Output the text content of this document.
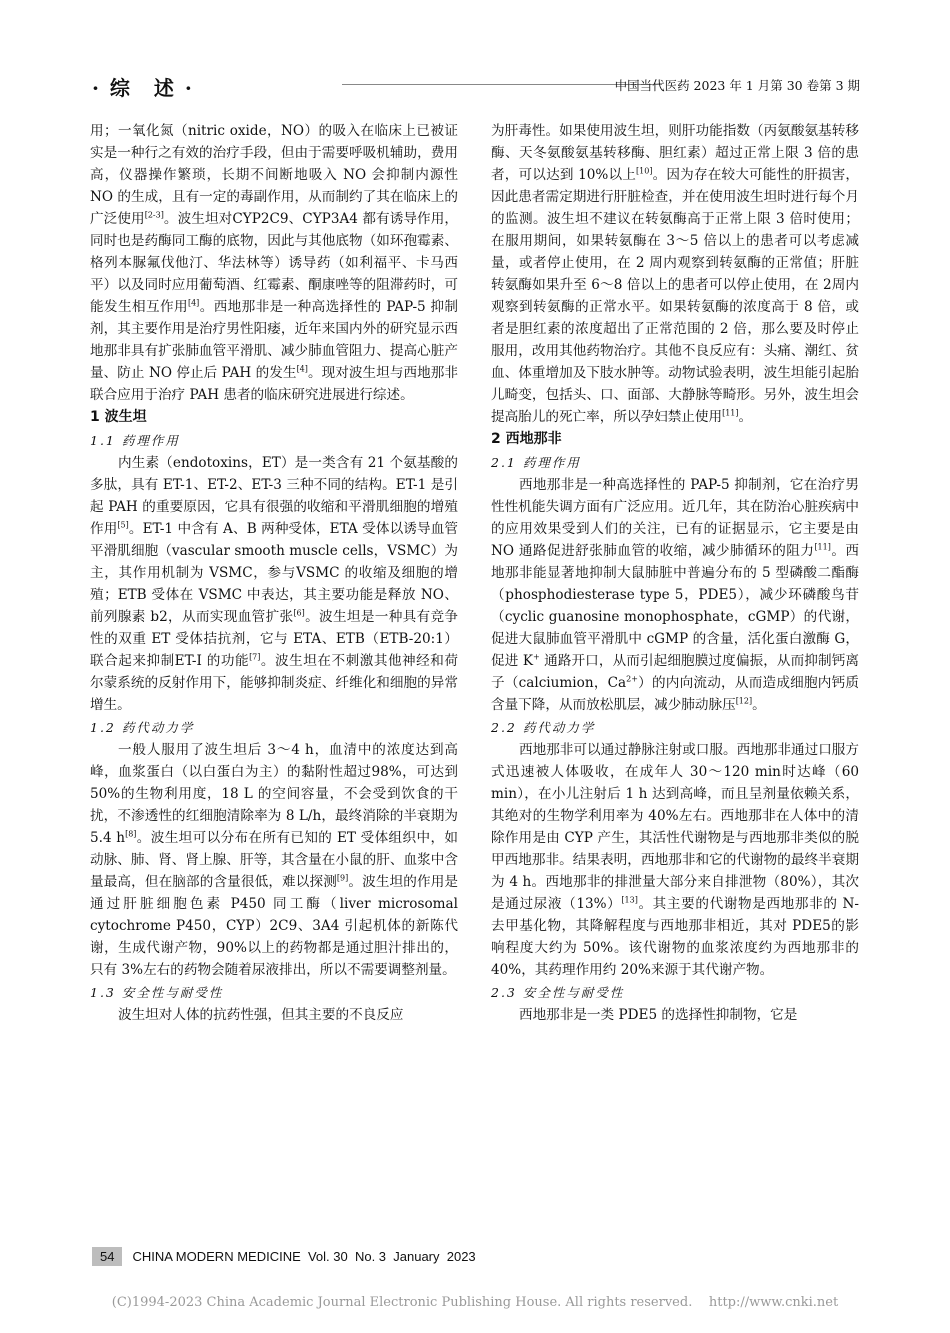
· 综　述 ·	中国当代医药 2023 年 1 月第 30 卷第 3 期

用；一氧化氮（nitric oxide，NO）的吸入在临床上已被证实是一种行之有效的治疗手段，但由于需要呼吸机辅助，费用高，仪器操作繁琐，长期不间断地吸入 NO 会抑制内源性 NO 的生成，且有一定的毒副作用，从而制约了其在临床上的广泛使用[2-3]。波生坦对CYP2C9、CYP3A4 都有诱导作用，同时也是药酶同工酶的底物，因此与其他底物（如环孢霉素、格列本脲氟伐他汀、华法林等）诱导药（如利福平、卡马西平）以及同时应用葡萄酒、红霉素、酮康唑等的阻滞药时，可能发生相互作用[4]。西地那非是一种高选择性的 PAP-5 抑制剂，其主要作用是治疗男性阳痿，近年来国内外的研究显示西地那非具有扩张肺血管平滑肌、减少肺血管阻力、提高心脏产量、防止 NO 停止后 PAH 的发生[4]。现对波生坦与西地那非联合应用于治疗 PAH 患者的临床研究进展进行综述。

1 波生坦
1.1 药理作用

内生素（endotoxins，ET）是一类含有 21 个氨基酸的多肽，具有 ET-1、ET-2、ET-3 三种不同的结构。ET-1 是引起 PAH 的重要原因，它具有很强的收缩和平滑肌细胞的增殖作用[5]。ET-1 中含有 A、B 两种受体，ETA 受体以诱导血管平滑肌细胞（vascular smooth muscle cells，VSMC）为主，其作用机制为 VSMC，参与VSMC 的收缩及细胞的增殖；ETB 受体在 VSMC 中表达，其主要功能是释放 NO、前列腺素 b2，从而实现血管扩张[6]。波生坦是一种具有竞争性的双重 ET 受体拮抗剂，它与 ETA、ETB（ETB-20:1）联合起来抑制ET-I 的功能[7]。波生坦在不刺激其他神经和荷尔蒙系统的反射作用下，能够抑制炎症、纤维化和细胞的异常增生。

1.2 药代动力学

一般人服用了波生坦后 3～4 h，血清中的浓度达到高峰，血浆蛋白（以白蛋白为主）的黏附性超过98%，可达到 50%的生物利用度，18 L 的空间容量，不会受到饮食的干扰，不渗透性的红细胞清除率为 8 L/h，最终消除的半衰期为 5.4 h[8]。波生坦可以分布在所有已知的 ET 受体组织中，如动脉、肺、肾、肾上腺、肝等，其含量在小鼠的肝、血浆中含量最高，但在脑部的含量很低，难以探测[9]。波生坦的作用是通过肝脏细胞色素 P450 同工酶（liver microsomal cytochrome P450，CYP）2C9、3A4 引起机体的新陈代谢，生成代谢产物，90%以上的药物都是通过胆汁排出的，只有 3%左右的药物会随着尿液排出，所以不需要调整剂量。

1.3 安全性与耐受性

波生坦对人体的抗药性强，但其主要的不良反应

为肝毒性。如果使用波生坦，则肝功能指数（丙氨酸氨基转移酶、天冬氨酸氨基转移酶、胆红素）超过正常上限 3 倍的患者，可以达到 10%以上[10]。因为存在较大可能性的肝损害，因此患者需定期进行肝脏检查，并在使用波生坦时进行每个月的监测。波生坦不建议在转氨酶高于正常上限 3 倍时使用；在服用期间，如果转氨酶在 3～5 倍以上的患者可以考虑减量，或者停止使用，在 2 周内观察到转氨酶的正常值；肝脏转氨酶如果升至 6～8 倍以上的患者可以停止使用，在 2周内观察到转氨酶的正常水平。如果转氨酶的浓度高于 8 倍，或者是胆红素的浓度超出了正常范围的 2 倍，那么要及时停止服用，改用其他药物治疗。其他不良反应有：头痛、潮红、贫血、体重增加及下肢水肿等。动物试验表明，波生坦能引起胎儿畸变，包括头、口、面部、大静脉等畸形。另外，波生坦会提高胎儿的死亡率，所以孕妇禁止使用[11]。

2 西地那非
2.1 药理作用

西地那非是一种高选择性的 PAP-5 抑制剂，它在治疗男性性机能失调方面有广泛应用。近几年，其在防治心脏疾病中的应用效果受到人们的关注，已有的证据显示，它主要是由 NO 通路促进舒张肺血管的收缩，减少肺循环的阻力[11]。西地那非能显著地抑制大鼠肺脏中普遍分布的 5 型磷酸二酯酶（phosphodiesterase type 5，PDE5），减少环磷酸鸟苷（cyclic guanosine monophosphate，cGMP）的代谢，促进大鼠肺血管平滑肌中 cGMP 的含量，活化蛋白激酶 G，促进 K+ 通路开口，从而引起细胞膜过度偏振，从而抑制钙离子（calciumion，$Ca^{2+}$）的内向流动，从而造成细胞内钙质含量下降，从而放松肌层，减少肺动脉压[12]。

2.2 药代动力学

西地那非可以通过静脉注射或口服。西地那非通过口服方式迅速被人体吸收，在成年人 30～120 min时达峰（60 min），在小儿注射后 1 h 达到高峰，而且呈剂量依赖关系，其绝对的生物学利用率为 40%左右。西地那非在人体中的清除作用是由 CYP 产生，其活性代谢物是与西地那非类似的脱甲西地那非。结果表明，西地那非和它的代谢物的最终半衰期为 4 h。西地那非的排泄量大部分来自排泄物（80%），其次是通过尿液（13%）[13]。其主要的代谢物是西地那非的 N- 去甲基化物，其降解程度与西地那非相近，其对 PDE5的影响程度大约为 50%。该代谢物的血浆浓度约为西地那非的 40%，其药理作用约 20%来源于其代谢产物。

2.3 安全性与耐受性

西地那非是一类 PDE5 的选择性抑制物，它是

54 CHINA MODERN MEDICINE  Vol. 30  No. 3  January  2023
(C)1994-2023 China Academic Journal Electronic Publishing House. All rights reserved.    http://www.cnki.net
